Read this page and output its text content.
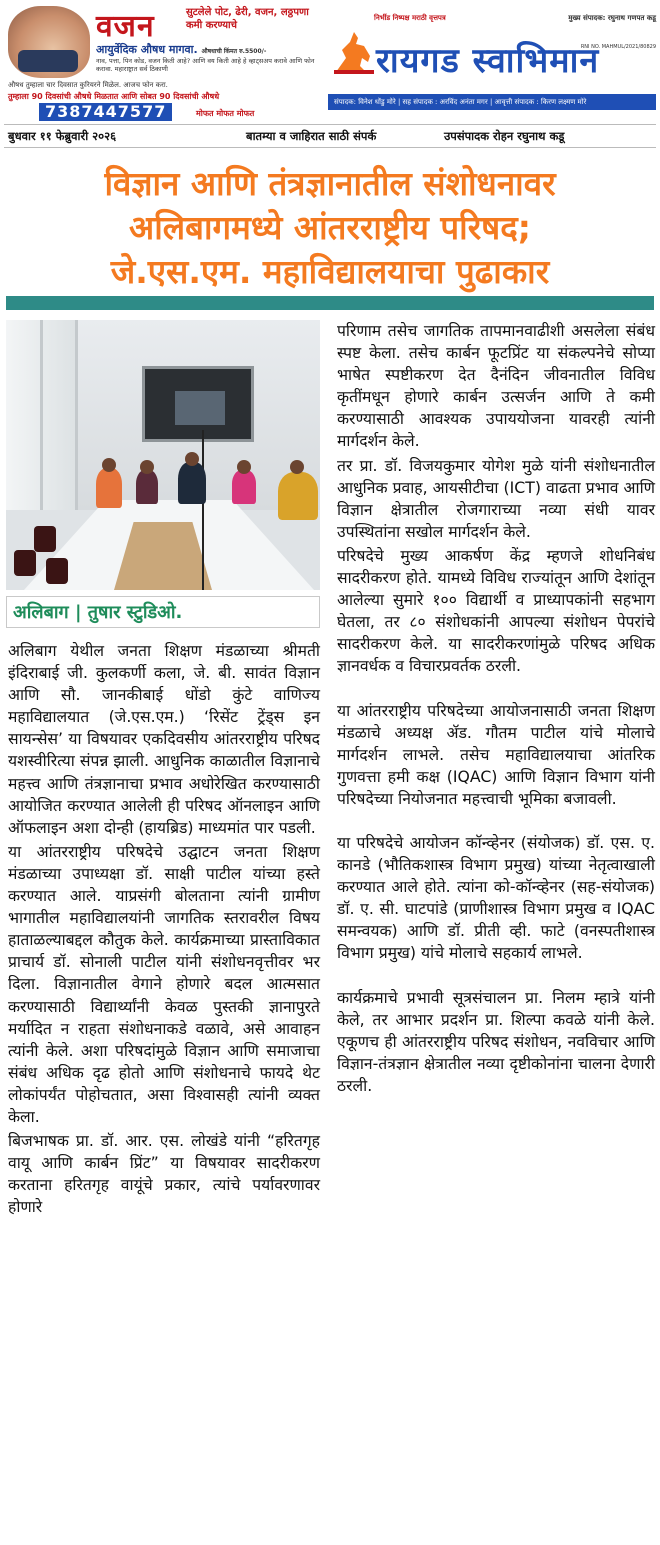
वजन	सुटलेले पोट, ढेरी, वजन, लठ्ठपणा कमी करण्याचे
आयुर्वेदिक औषध मागवा. औषधाची किंमत रु.5500/-
नाव, पत्ता, पिन कोड, वजन किती आहे? आणि वय किती आहे हे व्हाट्सअप करावे आणि फोन करावा. महाराष्ट्रात सर्व ठिकाणी
औषध तुम्हाला चार दिवसात कुरियरने मिळेल. आजच फोन करा.
तुम्हाला 90 दिवसांची औषधे मिळतात आणि सोबत 90 दिवसांची औषधे
7387447577	मोफत मोफत मोफत
निर्भीड निष्पक्ष मराठी वृत्तपत्र	मुख्य संपादक: रघुनाथ गणपत कडू
RNI NO. MAHMUL/2021/80829
रायगड स्वाभिमान
संपादक: विनेश धोंडु मोरे | सह संपादक : अरविंद अनंता मगर | आवृत्ती संपादक : किरण लक्ष्मण मोरे
बुधवार ११ फेब्रुवारी २०२६	बातम्या व जाहिरात साठी संपर्क	उपसंपादक रोहन रघुनाथ कडू
विज्ञान आणि तंत्रज्ञानातील संशोधनावर
अलिबागमध्ये आंतरराष्ट्रीय परिषद;
जे.एस.एम. महाविद्यालयाचा पुढाकार
अलिबाग | तुषार स्टुडिओ.

अलिबाग येथील जनता शिक्षण मंडळाच्या श्रीमती इंदिराबाई जी. कुलकर्णी कला, जे. बी. सावंत विज्ञान आणि सौ. जानकीबाई धोंडो कुंटे वाणिज्य महाविद्यालयात (जे.एस.एम.) ‘रिसेंट ट्रेंड्स इन सायन्सेस’ या विषयावर एकदिवसीय आंतरराष्ट्रीय परिषद यशस्वीरित्या संपन्न झाली. आधुनिक काळातील विज्ञानाचे महत्त्व आणि तंत्रज्ञानाचा प्रभाव अधोरेखित करण्यासाठी आयोजित करण्यात आलेली ही परिषद ऑनलाइन आणि ऑफलाइन अशा दोन्ही (हायब्रिड) माध्यमांत पार पडली.

या आंतरराष्ट्रीय परिषदेचे उद्घाटन जनता शिक्षण मंडळाच्या उपाध्यक्षा डॉ. साक्षी पाटील यांच्या हस्ते करण्यात आले. याप्रसंगी बोलताना त्यांनी ग्रामीण भागातील महाविद्यालयांनी जागतिक स्तरावरील विषय हाताळल्याबद्दल कौतुक केले. कार्यक्रमाच्या प्रास्ताविकात प्राचार्य डॉ. सोनाली पाटील यांनी संशोधनवृत्तीवर भर दिला. विज्ञानातील वेगाने होणारे बदल आत्मसात करण्यासाठी विद्यार्थ्यांनी केवळ पुस्तकी ज्ञानापुरते मर्यादित न राहता संशोधनाकडे वळावे, असे आवाहन त्यांनी केले. अशा परिषदांमुळे विज्ञान आणि समाजाचा संबंध अधिक दृढ होतो आणि संशोधनाचे फायदे थेट लोकांपर्यंत पोहोचतात, असा विश्वासही त्यांनी व्यक्त केला.

बिजभाषक प्रा. डॉ. आर. एस. लोखंडे यांनी “हरितगृह वायू आणि कार्बन प्रिंट” या विषयावर सादरीकरण करताना हरितगृह वायूंचे प्रकार, त्यांचे पर्यावरणावर होणारे

परिणाम तसेच जागतिक तापमानवाढीशी असलेला संबंध स्पष्ट केला. तसेच कार्बन फूटप्रिंट या संकल्पनेचे सोप्या भाषेत स्पष्टीकरण देत दैनंदिन जीवनातील विविध कृतींमधून होणारे कार्बन उत्सर्जन आणि ते कमी करण्यासाठी आवश्यक उपाययोजना यावरही त्यांनी मार्गदर्शन केले.

तर प्रा. डॉ. विजयकुमार योगेश मुळे यांनी संशोधनातील आधुनिक प्रवाह, आयसीटीचा (ICT) वाढता प्रभाव आणि विज्ञान क्षेत्रातील रोजगाराच्या नव्या संधी यावर उपस्थितांना सखोल मार्गदर्शन केले.

परिषदेचे मुख्य आकर्षण केंद्र म्हणजे शोधनिबंध सादरीकरण होते. यामध्ये विविध राज्यांतून आणि देशांतून आलेल्या सुमारे १०० विद्यार्थी व प्राध्यापकांनी सहभाग घेतला, तर ८० संशोधकांनी आपल्या संशोधन पेपरांचे सादरीकरण केले. या सादरीकरणांमुळे परिषद अधिक ज्ञानवर्धक व विचारप्रवर्तक ठरली.

या आंतरराष्ट्रीय परिषदेच्या आयोजनासाठी जनता शिक्षण मंडळाचे अध्यक्ष ॲड. गौतम पाटील यांचे मोलाचे मार्गदर्शन लाभले. तसेच महाविद्यालयाचा आंतरिक गुणवत्ता हमी कक्ष (IQAC) आणि विज्ञान विभाग यांनी परिषदेच्या नियोजनात महत्त्वाची भूमिका बजावली.

या परिषदेचे आयोजन कॉन्व्हेनर (संयोजक) डॉ. एस. ए. कानडे (भौतिकशास्त्र विभाग प्रमुख) यांच्या नेतृत्वाखाली करण्यात आले होते. त्यांना को-कॉन्व्हेनर (सह-संयोजक) डॉ. ए. सी. घाटपांडे (प्राणीशास्त्र विभाग प्रमुख व IQAC समन्वयक) आणि डॉ. प्रीती व्ही. फाटे (वनस्पतीशास्त्र विभाग प्रमुख) यांचे मोलाचे सहकार्य लाभले.

कार्यक्रमाचे प्रभावी सूत्रसंचालन प्रा. निलम म्हात्रे यांनी केले, तर आभार प्रदर्शन प्रा. शिल्पा कवळे यांनी केले. एकूणच ही आंतरराष्ट्रीय परिषद संशोधन, नवविचार आणि विज्ञान-तंत्रज्ञान क्षेत्रातील नव्या दृष्टीकोनांना चालना देणारी ठरली.
